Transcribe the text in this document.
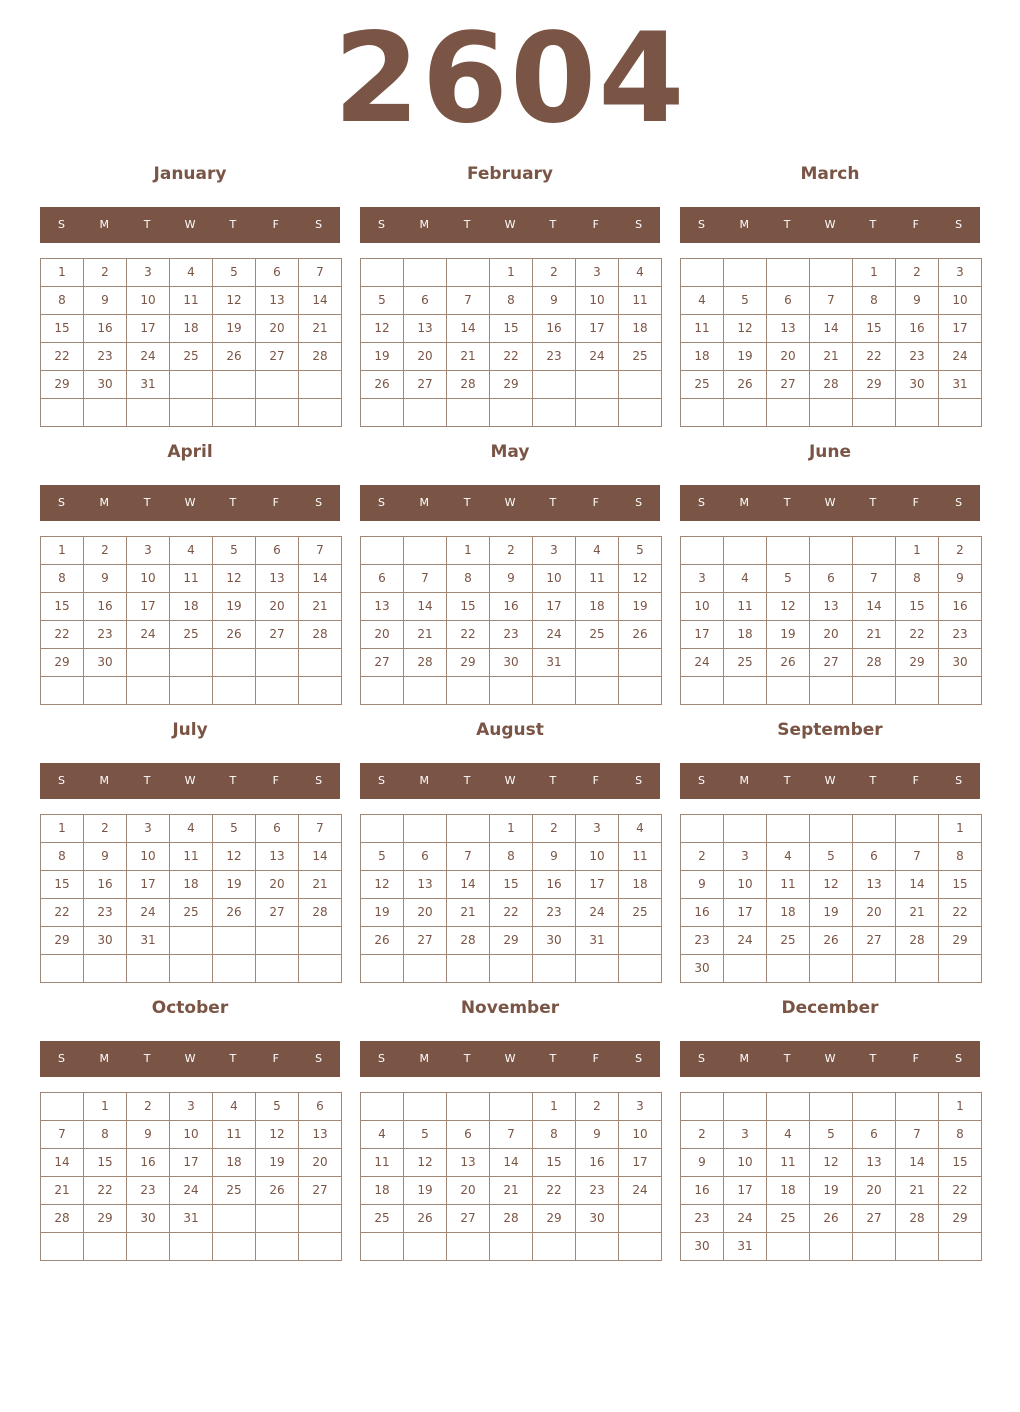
2604
January
S	M	T	W	T	F	S
1	2	3	4	5	6	7
8	9	10	11	12	13	14
15	16	17	18	19	20	21
22	23	24	25	26	27	28
29	30	31				

February
S	M	T	W	T	F	S
			1	2	3	4
5	6	7	8	9	10	11
12	13	14	15	16	17	18
19	20	21	22	23	24	25
26	27	28	29			

March
S	M	T	W	T	F	S
				1	2	3
4	5	6	7	8	9	10
11	12	13	14	15	16	17
18	19	20	21	22	23	24
25	26	27	28	29	30	31

April
S	M	T	W	T	F	S
1	2	3	4	5	6	7
8	9	10	11	12	13	14
15	16	17	18	19	20	21
22	23	24	25	26	27	28
29	30					

May
S	M	T	W	T	F	S
		1	2	3	4	5
6	7	8	9	10	11	12
13	14	15	16	17	18	19
20	21	22	23	24	25	26
27	28	29	30	31		

June
S	M	T	W	T	F	S
					1	2
3	4	5	6	7	8	9
10	11	12	13	14	15	16
17	18	19	20	21	22	23
24	25	26	27	28	29	30

July
S	M	T	W	T	F	S
1	2	3	4	5	6	7
8	9	10	11	12	13	14
15	16	17	18	19	20	21
22	23	24	25	26	27	28
29	30	31				

August
S	M	T	W	T	F	S
			1	2	3	4
5	6	7	8	9	10	11
12	13	14	15	16	17	18
19	20	21	22	23	24	25
26	27	28	29	30	31	

September
S	M	T	W	T	F	S
						1
2	3	4	5	6	7	8
9	10	11	12	13	14	15
16	17	18	19	20	21	22
23	24	25	26	27	28	29
30						
October
S	M	T	W	T	F	S
	1	2	3	4	5	6
7	8	9	10	11	12	13
14	15	16	17	18	19	20
21	22	23	24	25	26	27
28	29	30	31			

November
S	M	T	W	T	F	S
				1	2	3
4	5	6	7	8	9	10
11	12	13	14	15	16	17
18	19	20	21	22	23	24
25	26	27	28	29	30	

December
S	M	T	W	T	F	S
						1
2	3	4	5	6	7	8
9	10	11	12	13	14	15
16	17	18	19	20	21	22
23	24	25	26	27	28	29
30	31					
